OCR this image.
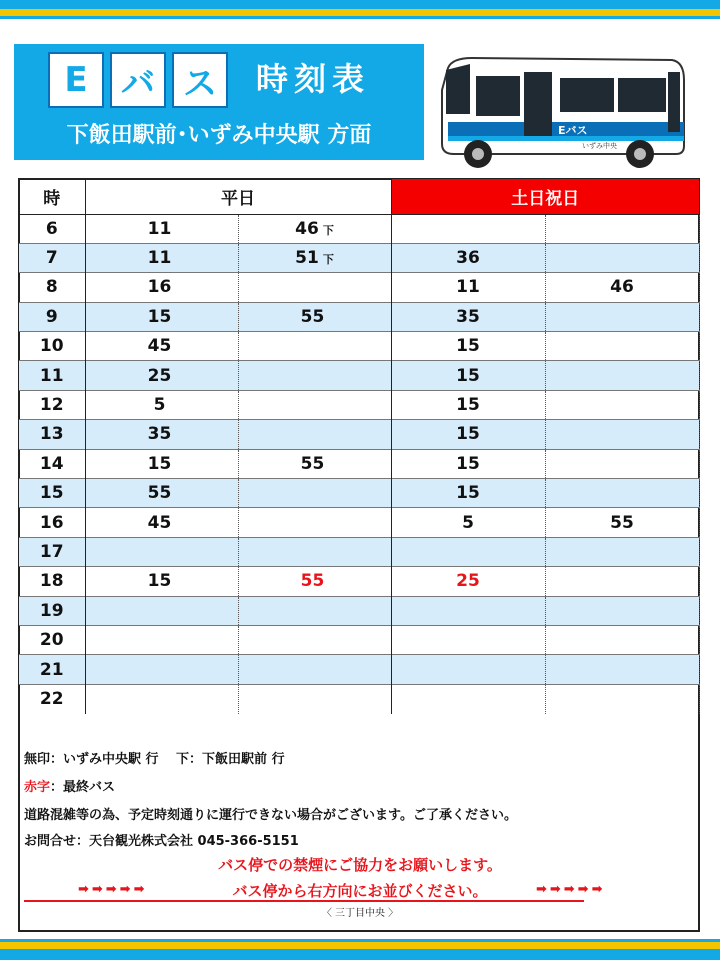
E バ ス	時刻表
下飯田駅前･いずみ中央駅 方面	Eバス
いずみ中央
時	平日		土日祝日	
6	11	46 下		
7	11	51 下	36	
8	16		11	46
9	15	55	35	
10	45		15	
11	25		15	
12	5		15	
13	35		15	
14	15	55	15	
15	55		15	
16	45		5	55
17				
18	15	55	25	
19				
20				
21				
22				
無印：いずみ中央駅 行　 下：下飯田駅前 行
赤字：最終バス
道路混雑等の為、予定時刻通りに運行できない場合がございます。ご了承ください。
お問合せ：天台観光株式会社 045-366-5151
バス停での禁煙にご協力をお願いします。
➡➡➡➡➡	バス停から右方向にお並びください。	➡➡➡➡➡
〈 三丁目中央 〉
